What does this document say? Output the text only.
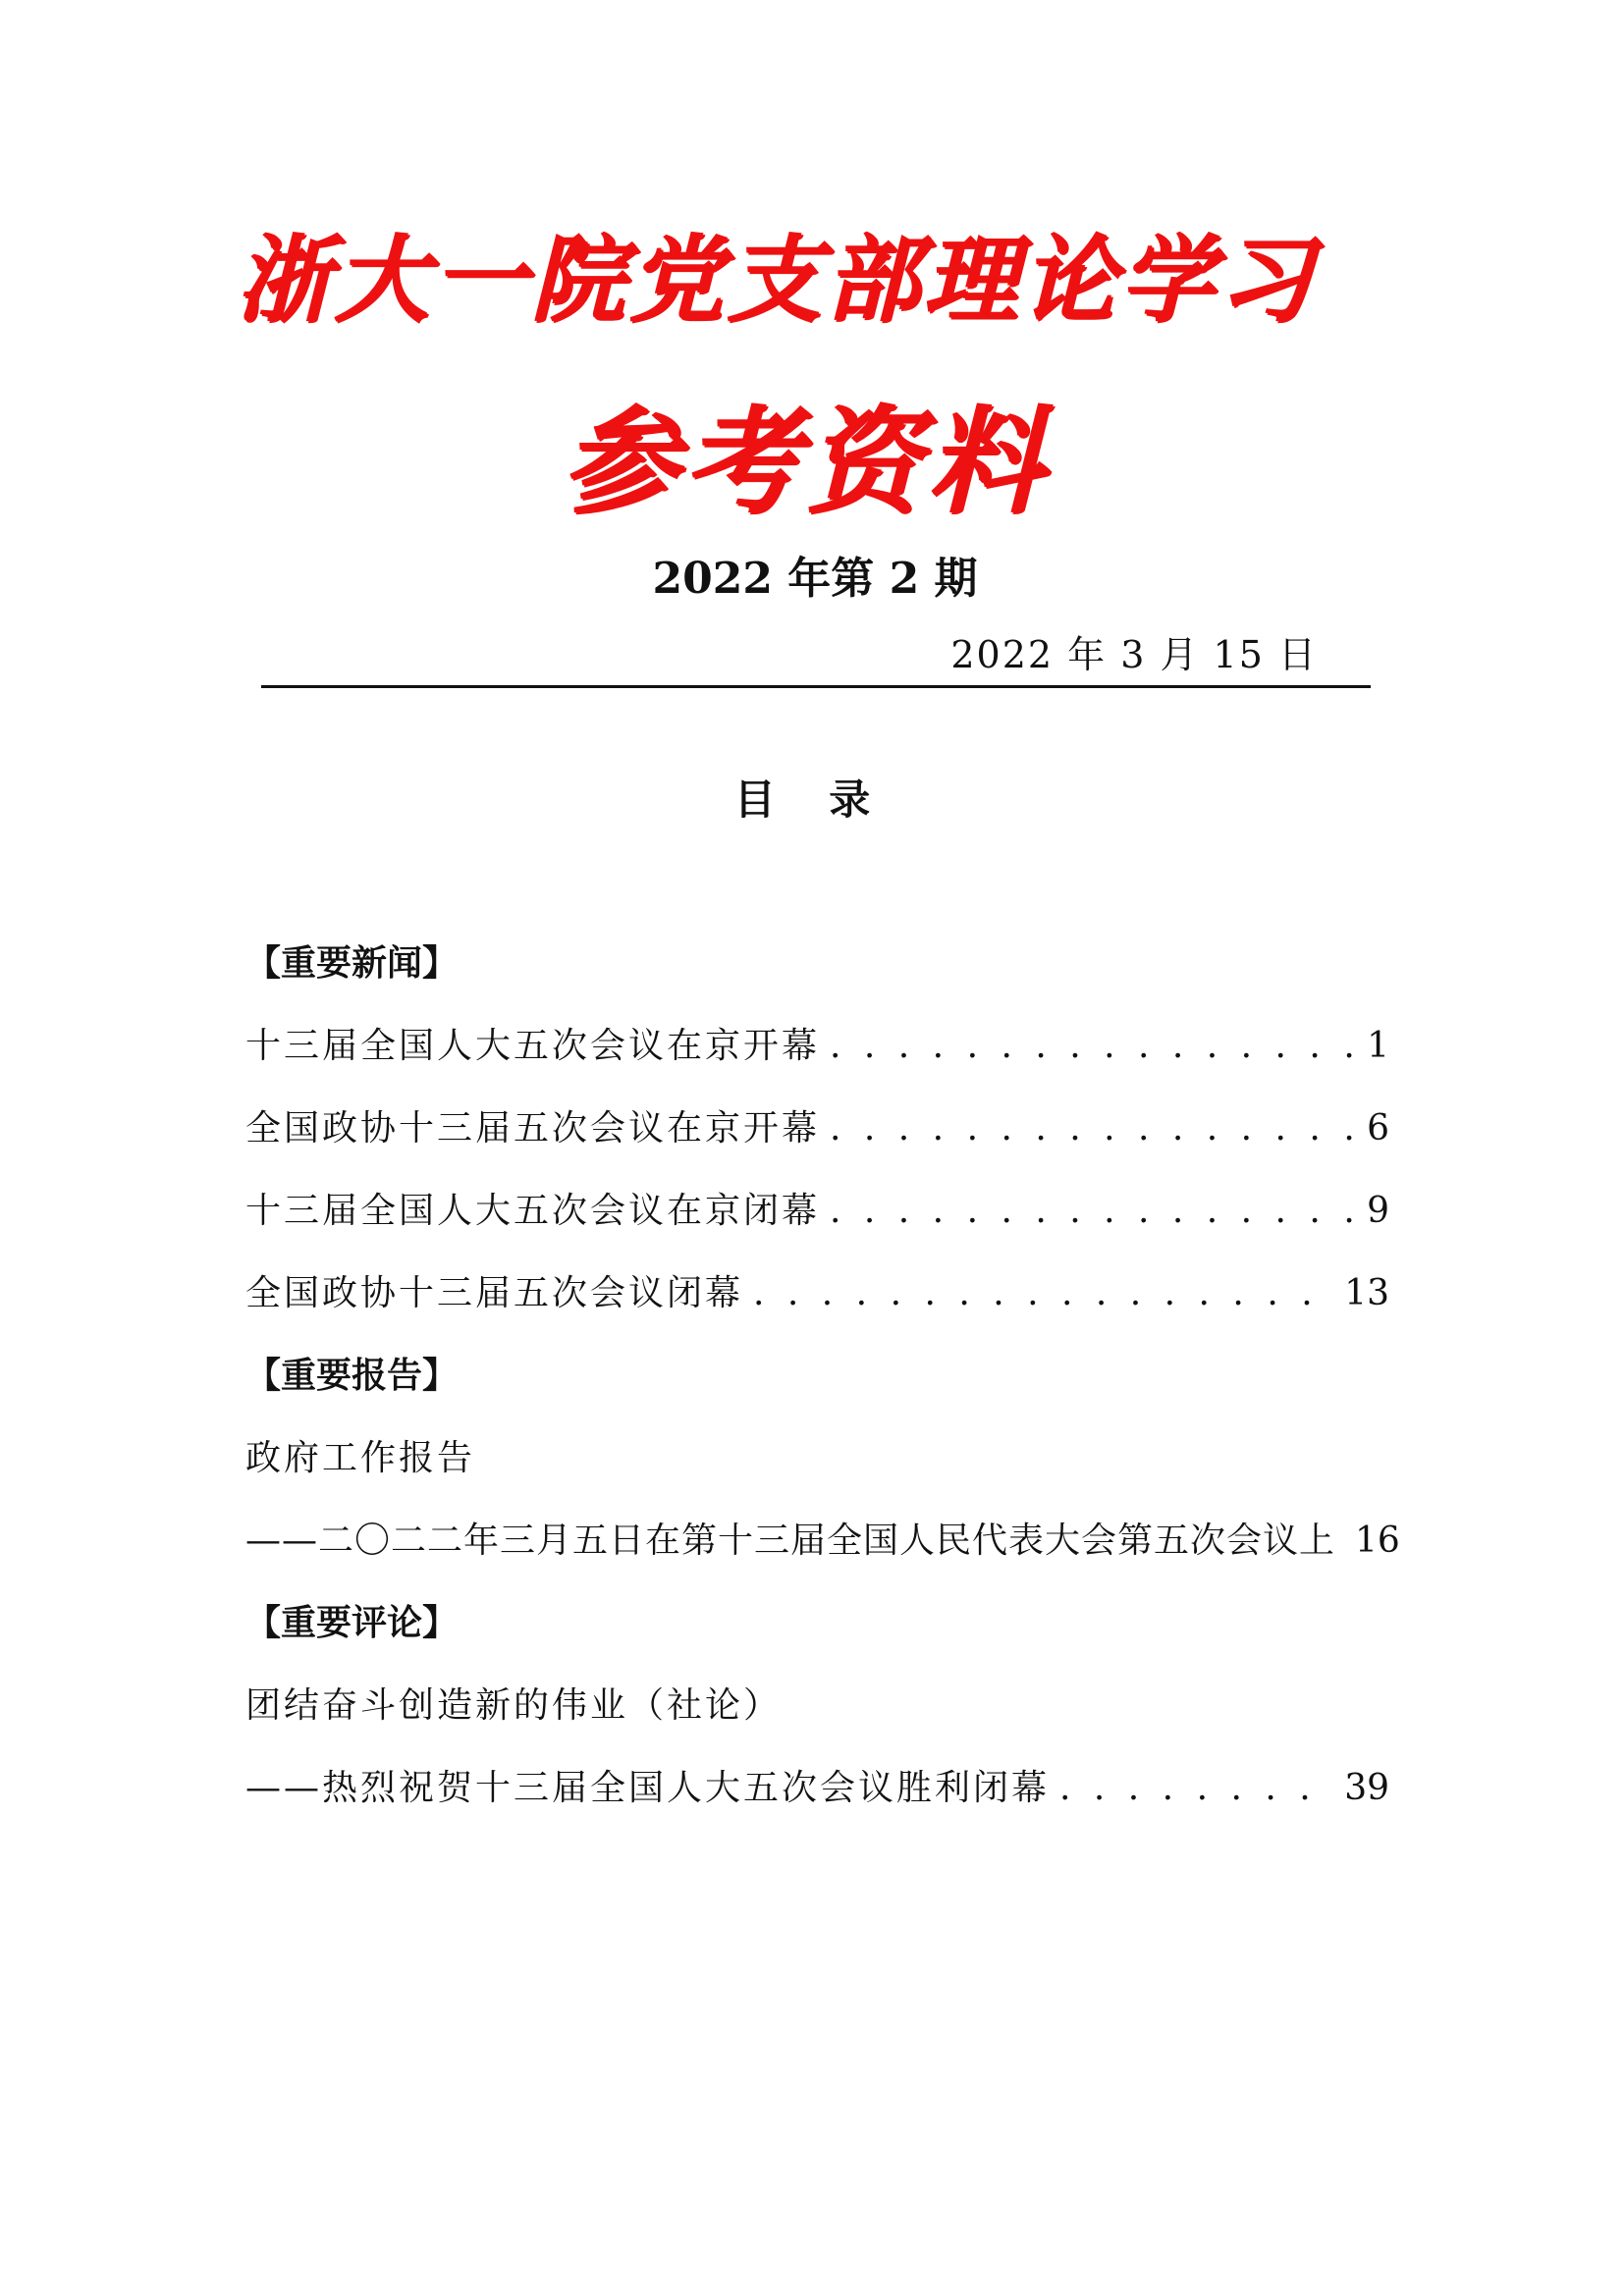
浙大一院党支部理论学习
参考资料
2022 年第 2 期
2022 年 3 月 15 日
目 录
【重要新闻】
十三届全国人大五次会议在京开幕 . . .	1
全国政协十三届五次会议在京开幕 . . .	6
十三届全国人大五次会议在京闭幕 . . .	9
全国政协十三届五次会议闭幕 . . .	13
【重要报告】
政府工作报告
——二〇二二年三月五日在第十三届全国人民代表大会第五次会议上 16
【重要评论】
团结奋斗创造新的伟业（社论）
——热烈祝贺十三届全国人大五次会议胜利闭幕 . . .	39
